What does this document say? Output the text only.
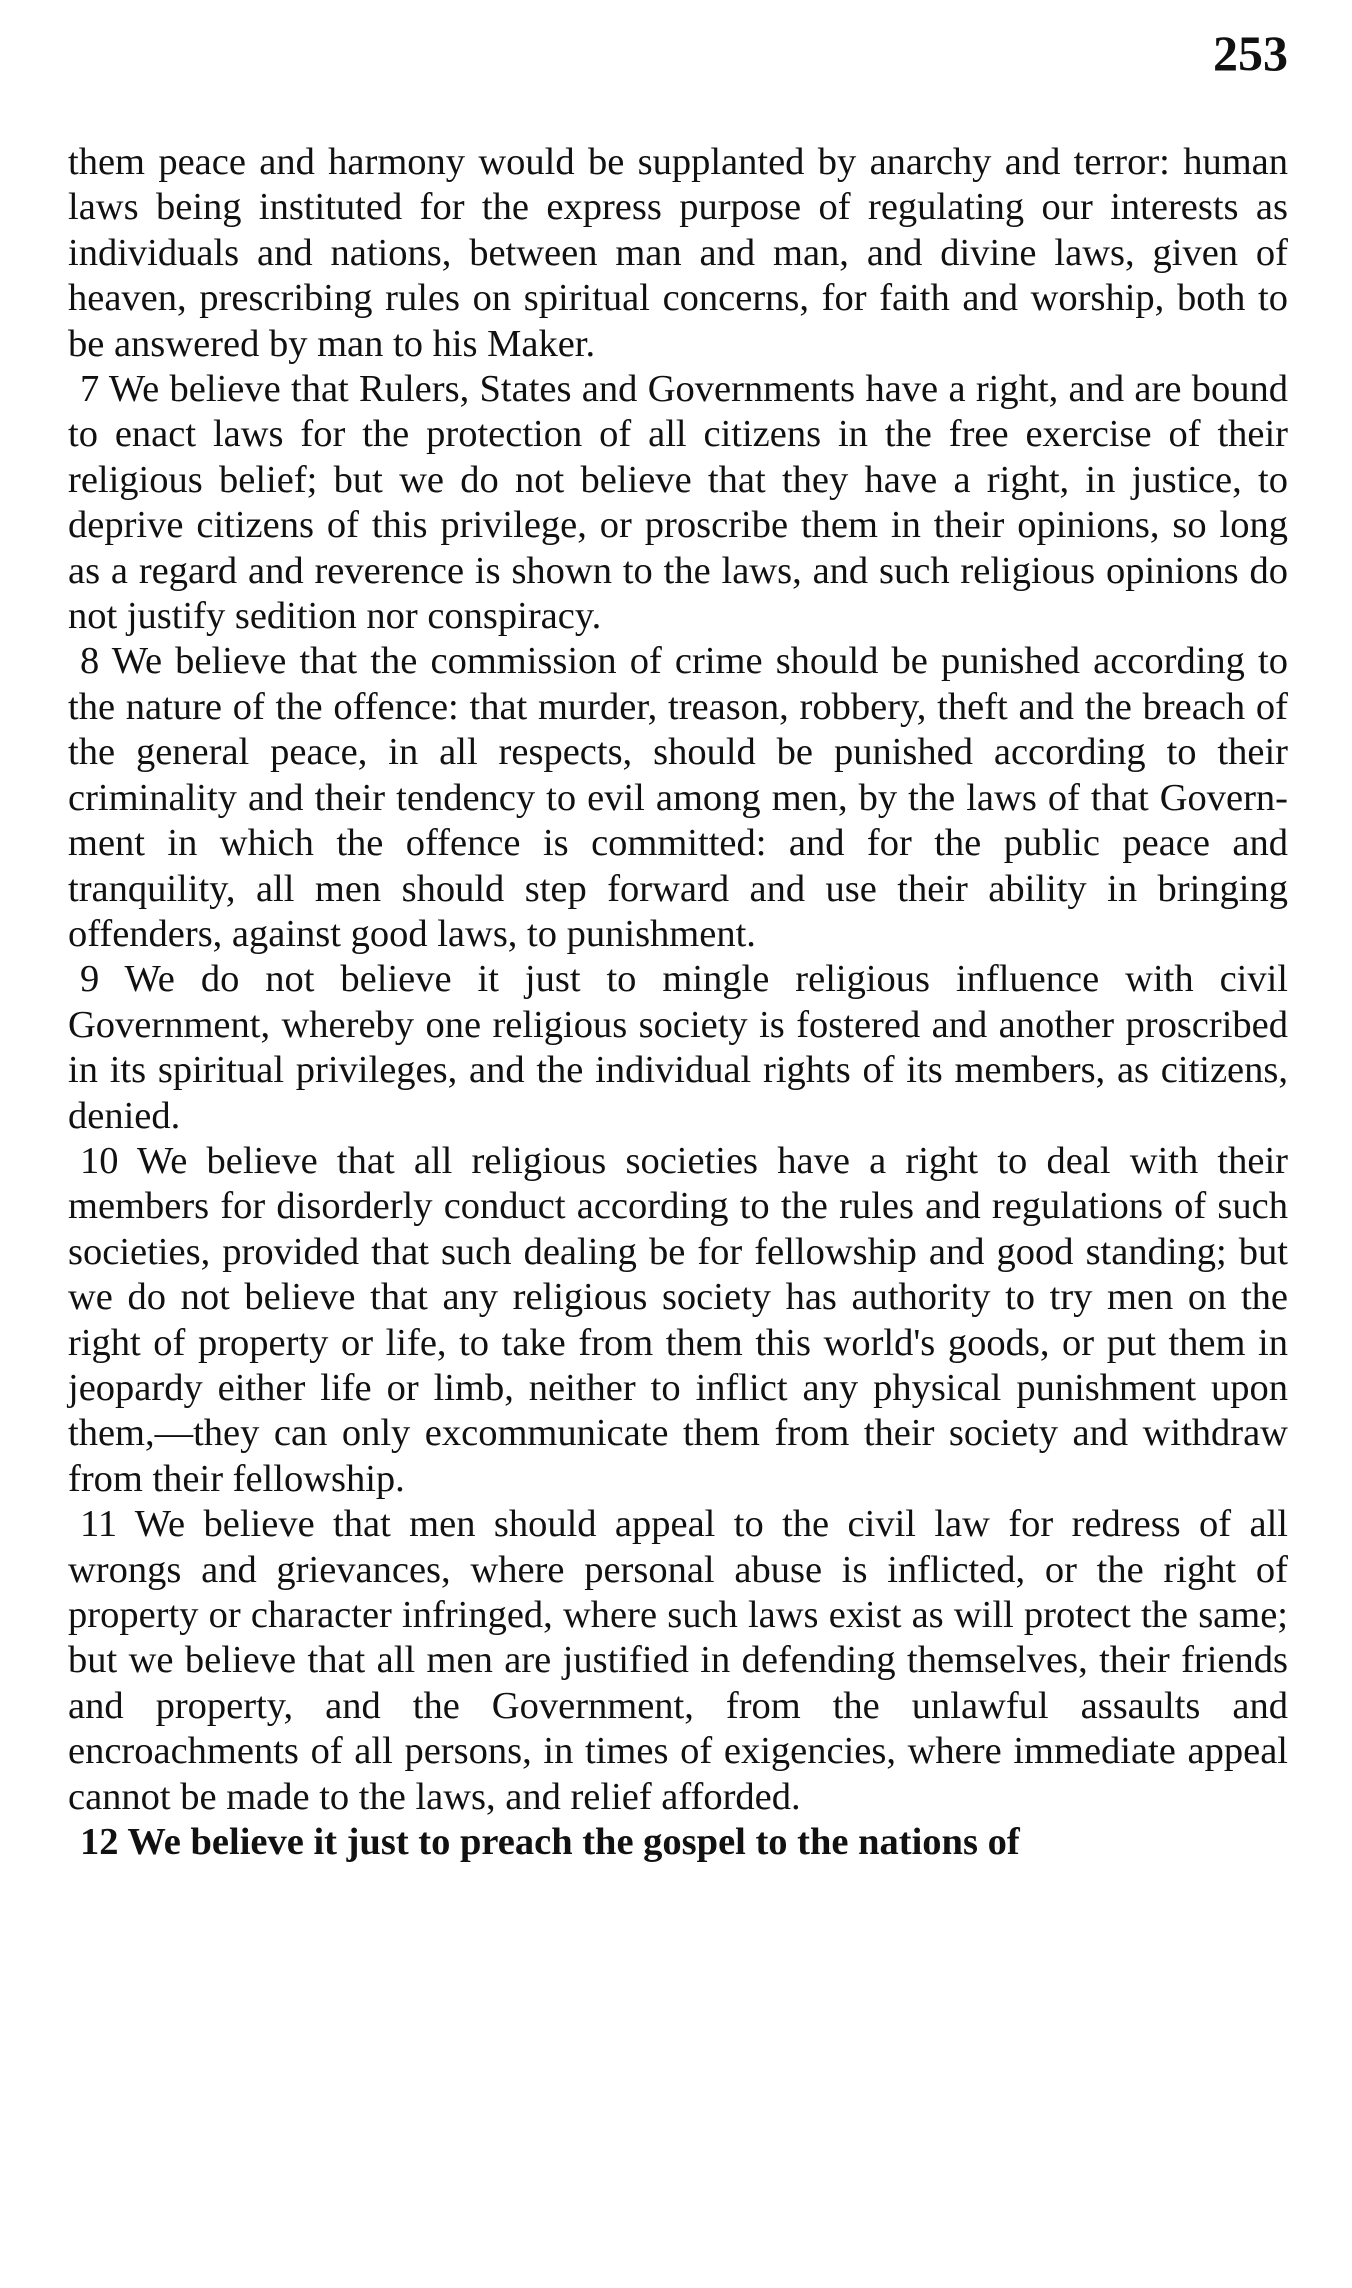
253

them peace and harmony would be supplanted by anarchy and terror: human laws being instituted for the express purpose of regulating our interests as individuals and nations, between man and man, and divine laws, given of heaven, prescribing rules on spiritual concerns, for faith and worship, both to be answered by man to his Maker.

7 We believe that Rulers, States and Governments have a right, and are bound to enact laws for the protection of all citizens in the free exercise of their religious belief; but we do not believe that they have a right, in justice, to deprive citizens of this privilege, or proscribe them in their opinions, so long as a regard and reverence is shown to the laws, and such religious opinions do not justify sedition nor conspiracy.

8 We believe that the commission of crime should be punished according to the nature of the offence: that murder, treason, robbery, theft and the breach of the general peace, in all respects, should be punished according to their criminality and their tendency to evil among men, by the laws of that Government in which the offence is committed: and for the public peace and tranquility, all men should step forward and use their ability in bringing offenders, against good laws, to punishment.

9 We do not believe it just to mingle religious influence with civil Government, whereby one religious society is fostered and another proscribed in its spiritual privileges, and the individual rights of its members, as citizens, denied.

10 We believe that all religious societies have a right to deal with their members for disorderly conduct according to the rules and regulations of such societies, provided that such dealing be for fellowship and good standing; but we do not believe that any religious society has authority to try men on the right of property or life, to take from them this world's goods, or put them in jeopardy either life or limb, neither to inflict any physical punishment upon them,—they can only excommunicate them from their society and withdraw from their fellowship.

11 We believe that men should appeal to the civil law for redress of all wrongs and grievances, where personal abuse is inflicted, or the right of property or character infringed, where such laws exist as will protect the same; but we believe that all men are justified in defending themselves, their friends and property, and the Government, from the unlawful assaults and encroachments of all persons, in times of exigencies, where immediate appeal cannot be made to the laws, and relief afforded.

12 We believe it just to preach the gospel to the nations of
